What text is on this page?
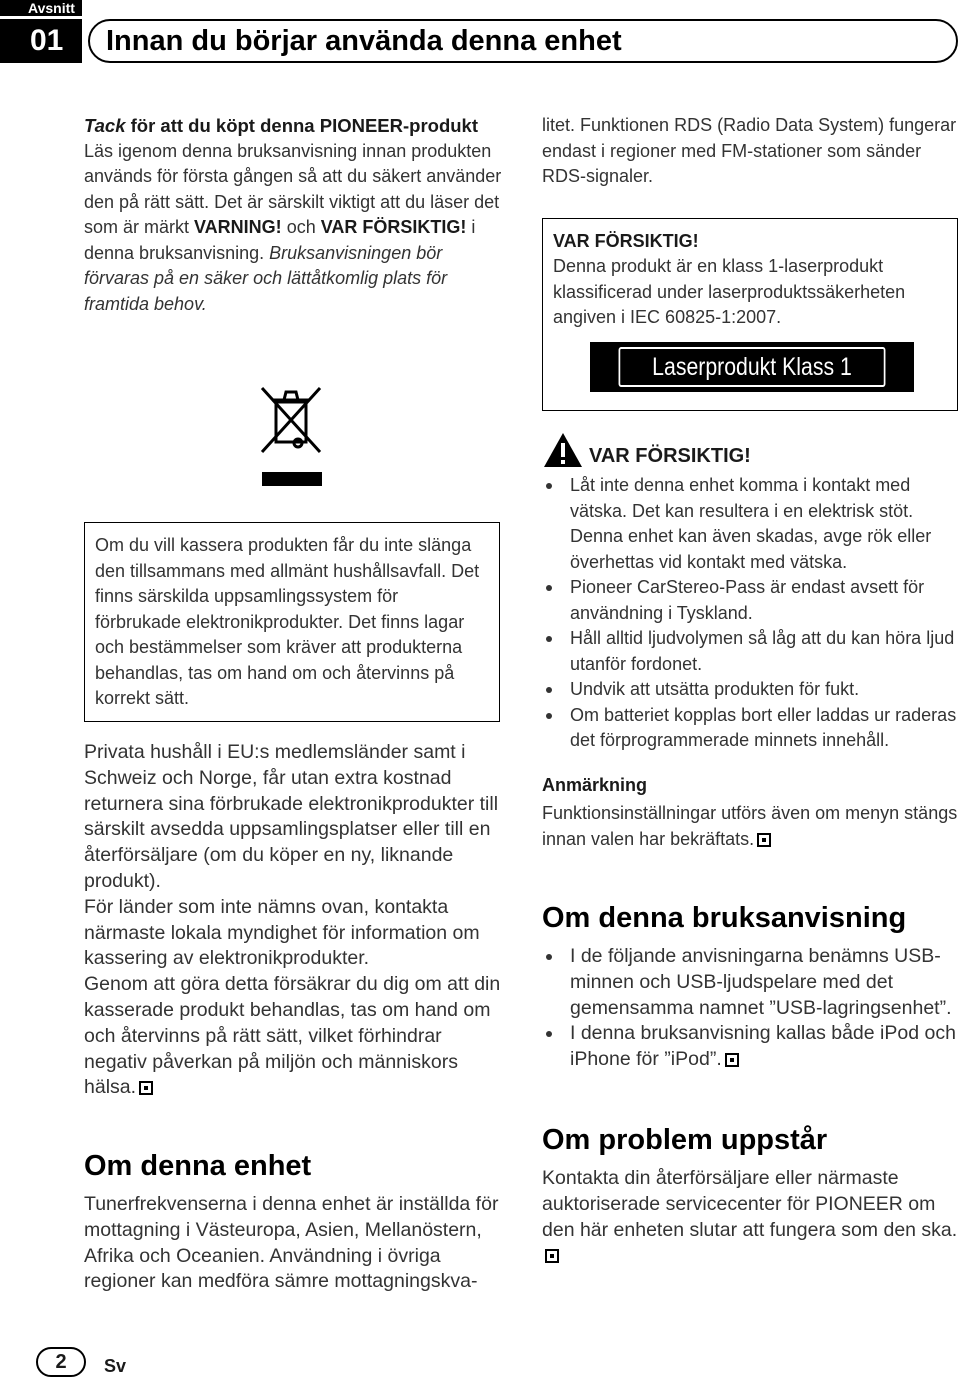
Avsnitt
01	Innan du börjar använda denna enhet
Tack för att du köpt denna PIONEER-produkt
Läs igenom denna bruksanvisning innan produkten används för första gången så att du säkert använder den på rätt sätt. Det är särskilt viktigt att du läser det som är märkt VARNING! och VAR FÖRSIKTIG! i denna bruksanvisning. Bruksanvisningen bör förvaras på en säker och lättåtkomlig plats för framtida behov.
Om du vill kassera produkten får du inte slänga den tillsammans med allmänt hushållsavfall. Det finns särskilda uppsamlingssystem för förbrukade elektronikprodukter. Det finns lagar och bestämmelser som kräver att produkterna behandlas, tas om hand om och återvinns på korrekt sätt.
Privata hushåll i EU:s medlemsländer samt i Schweiz och Norge, får utan extra kostnad returnera sina förbrukade elektronikprodukter till särskilt avsedda uppsamlingsplatser eller till en återförsäljare (om du köper en ny, liknande produkt).
För länder som inte nämns ovan, kontakta närmaste lokala myndighet för information om kassering av elektronikprodukter.
Genom att göra detta försäkrar du dig om att din kasserade produkt behandlas, tas om hand om och återvinns på rätt sätt, vilket förhindrar negativ påverkan på miljön och människors hälsa.
Om denna enhet
Tunerfrekvenserna i denna enhet är inställda för mottagning i Västeuropa, Asien, Mellanöstern, Afrika och Oceanien. Användning i övriga regioner kan medföra sämre mottagningskva-
litet. Funktionen RDS (Radio Data System) fungerar endast i regioner med FM-stationer som sänder RDS-signaler.
VAR FÖRSIKTIG!
Denna produkt är en klass 1-laserprodukt klassificerad under laserproduktssäkerheten angiven i IEC 60825-1:2007.
Laserprodukt Klass 1
VAR FÖRSIKTIG!
Låt inte denna enhet komma i kontakt med vätska. Det kan resultera i en elektrisk stöt. Denna enhet kan även skadas, avge rök eller överhettas vid kontakt med vätska.
Pioneer CarStereo-Pass är endast avsett för användning i Tyskland.
Håll alltid ljudvolymen så låg att du kan höra ljud utanför fordonet.
Undvik att utsätta produkten för fukt.
Om batteriet kopplas bort eller laddas ur raderas det förprogrammerade minnets innehåll.
Anmärkning
Funktionsinställningar utförs även om menyn stängs innan valen har bekräftats.
Om denna bruksanvisning
I de följande anvisningarna benämns USB-minnen och USB-ljudspelare med det gemensamma namnet ”USB-lagringsenhet”.
I denna bruksanvisning kallas både iPod och iPhone för ”iPod”.
Om problem uppstår
Kontakta din återförsäljare eller närmaste auktoriserade servicecenter för PIONEER om den här enheten slutar att fungera som den ska.
2	Sv
